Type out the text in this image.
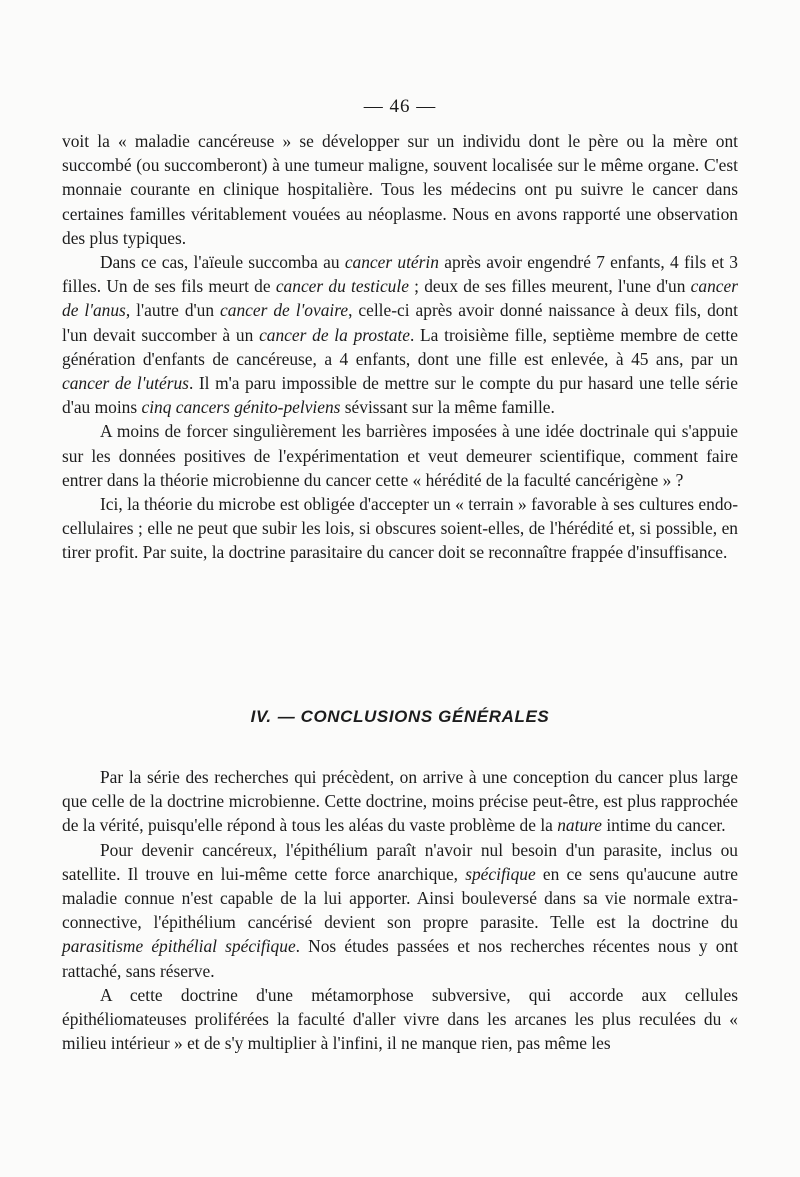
— 46 —

voit la « maladie cancéreuse » se développer sur un individu dont le père ou la mère ont succombé (ou succomberont) à une tumeur maligne, souvent localisée sur le même organe. C'est monnaie courante en clinique hospitalière. Tous les médecins ont pu suivre le cancer dans certaines familles véritablement vouées au néoplasme. Nous en avons rapporté une observation des plus typiques.

Dans ce cas, l'aïeule succomba au cancer utérin après avoir engendré 7 enfants, 4 fils et 3 filles. Un de ses fils meurt de cancer du testicule ; deux de ses filles meurent, l'une d'un cancer de l'anus, l'autre d'un cancer de l'ovaire, celle-ci après avoir donné naissance à deux fils, dont l'un devait succomber à un cancer de la prostate. La troisième fille, septième membre de cette génération d'enfants de cancéreuse, a 4 enfants, dont une fille est enlevée, à 45 ans, par un cancer de l'utérus. Il m'a paru impossible de mettre sur le compte du pur hasard une telle série d'au moins cinq cancers génito-pelviens sévissant sur la même famille.

A moins de forcer singulièrement les barrières imposées à une idée doctrinale qui s'appuie sur les données positives de l'expérimentation et veut demeurer scientifique, comment faire entrer dans la théorie microbienne du cancer cette « hérédité de la faculté cancérigène » ?

Ici, la théorie du microbe est obligée d'accepter un « terrain » favorable à ses cultures endo-cellulaires ; elle ne peut que subir les lois, si obscures soient-elles, de l'hérédité et, si possible, en tirer profit. Par suite, la doctrine parasitaire du cancer doit se reconnaître frappée d'insuffisance.

IV. — CONCLUSIONS GÉNÉRALES

Par la série des recherches qui précèdent, on arrive à une conception du cancer plus large que celle de la doctrine microbienne. Cette doctrine, moins précise peut-être, est plus rapprochée de la vérité, puisqu'elle répond à tous les aléas du vaste problème de la nature intime du cancer.

Pour devenir cancéreux, l'épithélium paraît n'avoir nul besoin d'un parasite, inclus ou satellite. Il trouve en lui-même cette force anarchique, spécifique en ce sens qu'aucune autre maladie connue n'est capable de la lui apporter. Ainsi bouleversé dans sa vie normale extra-connective, l'épithélium cancérisé devient son propre parasite. Telle est la doctrine du parasitisme épithélial spécifique. Nos études passées et nos recherches récentes nous y ont rattaché, sans réserve.

A cette doctrine d'une métamorphose subversive, qui accorde aux cellules épithéliomateuses proliférées la faculté d'aller vivre dans les arcanes les plus reculées du « milieu intérieur » et de s'y multiplier à l'infini, il ne manque rien, pas même les
